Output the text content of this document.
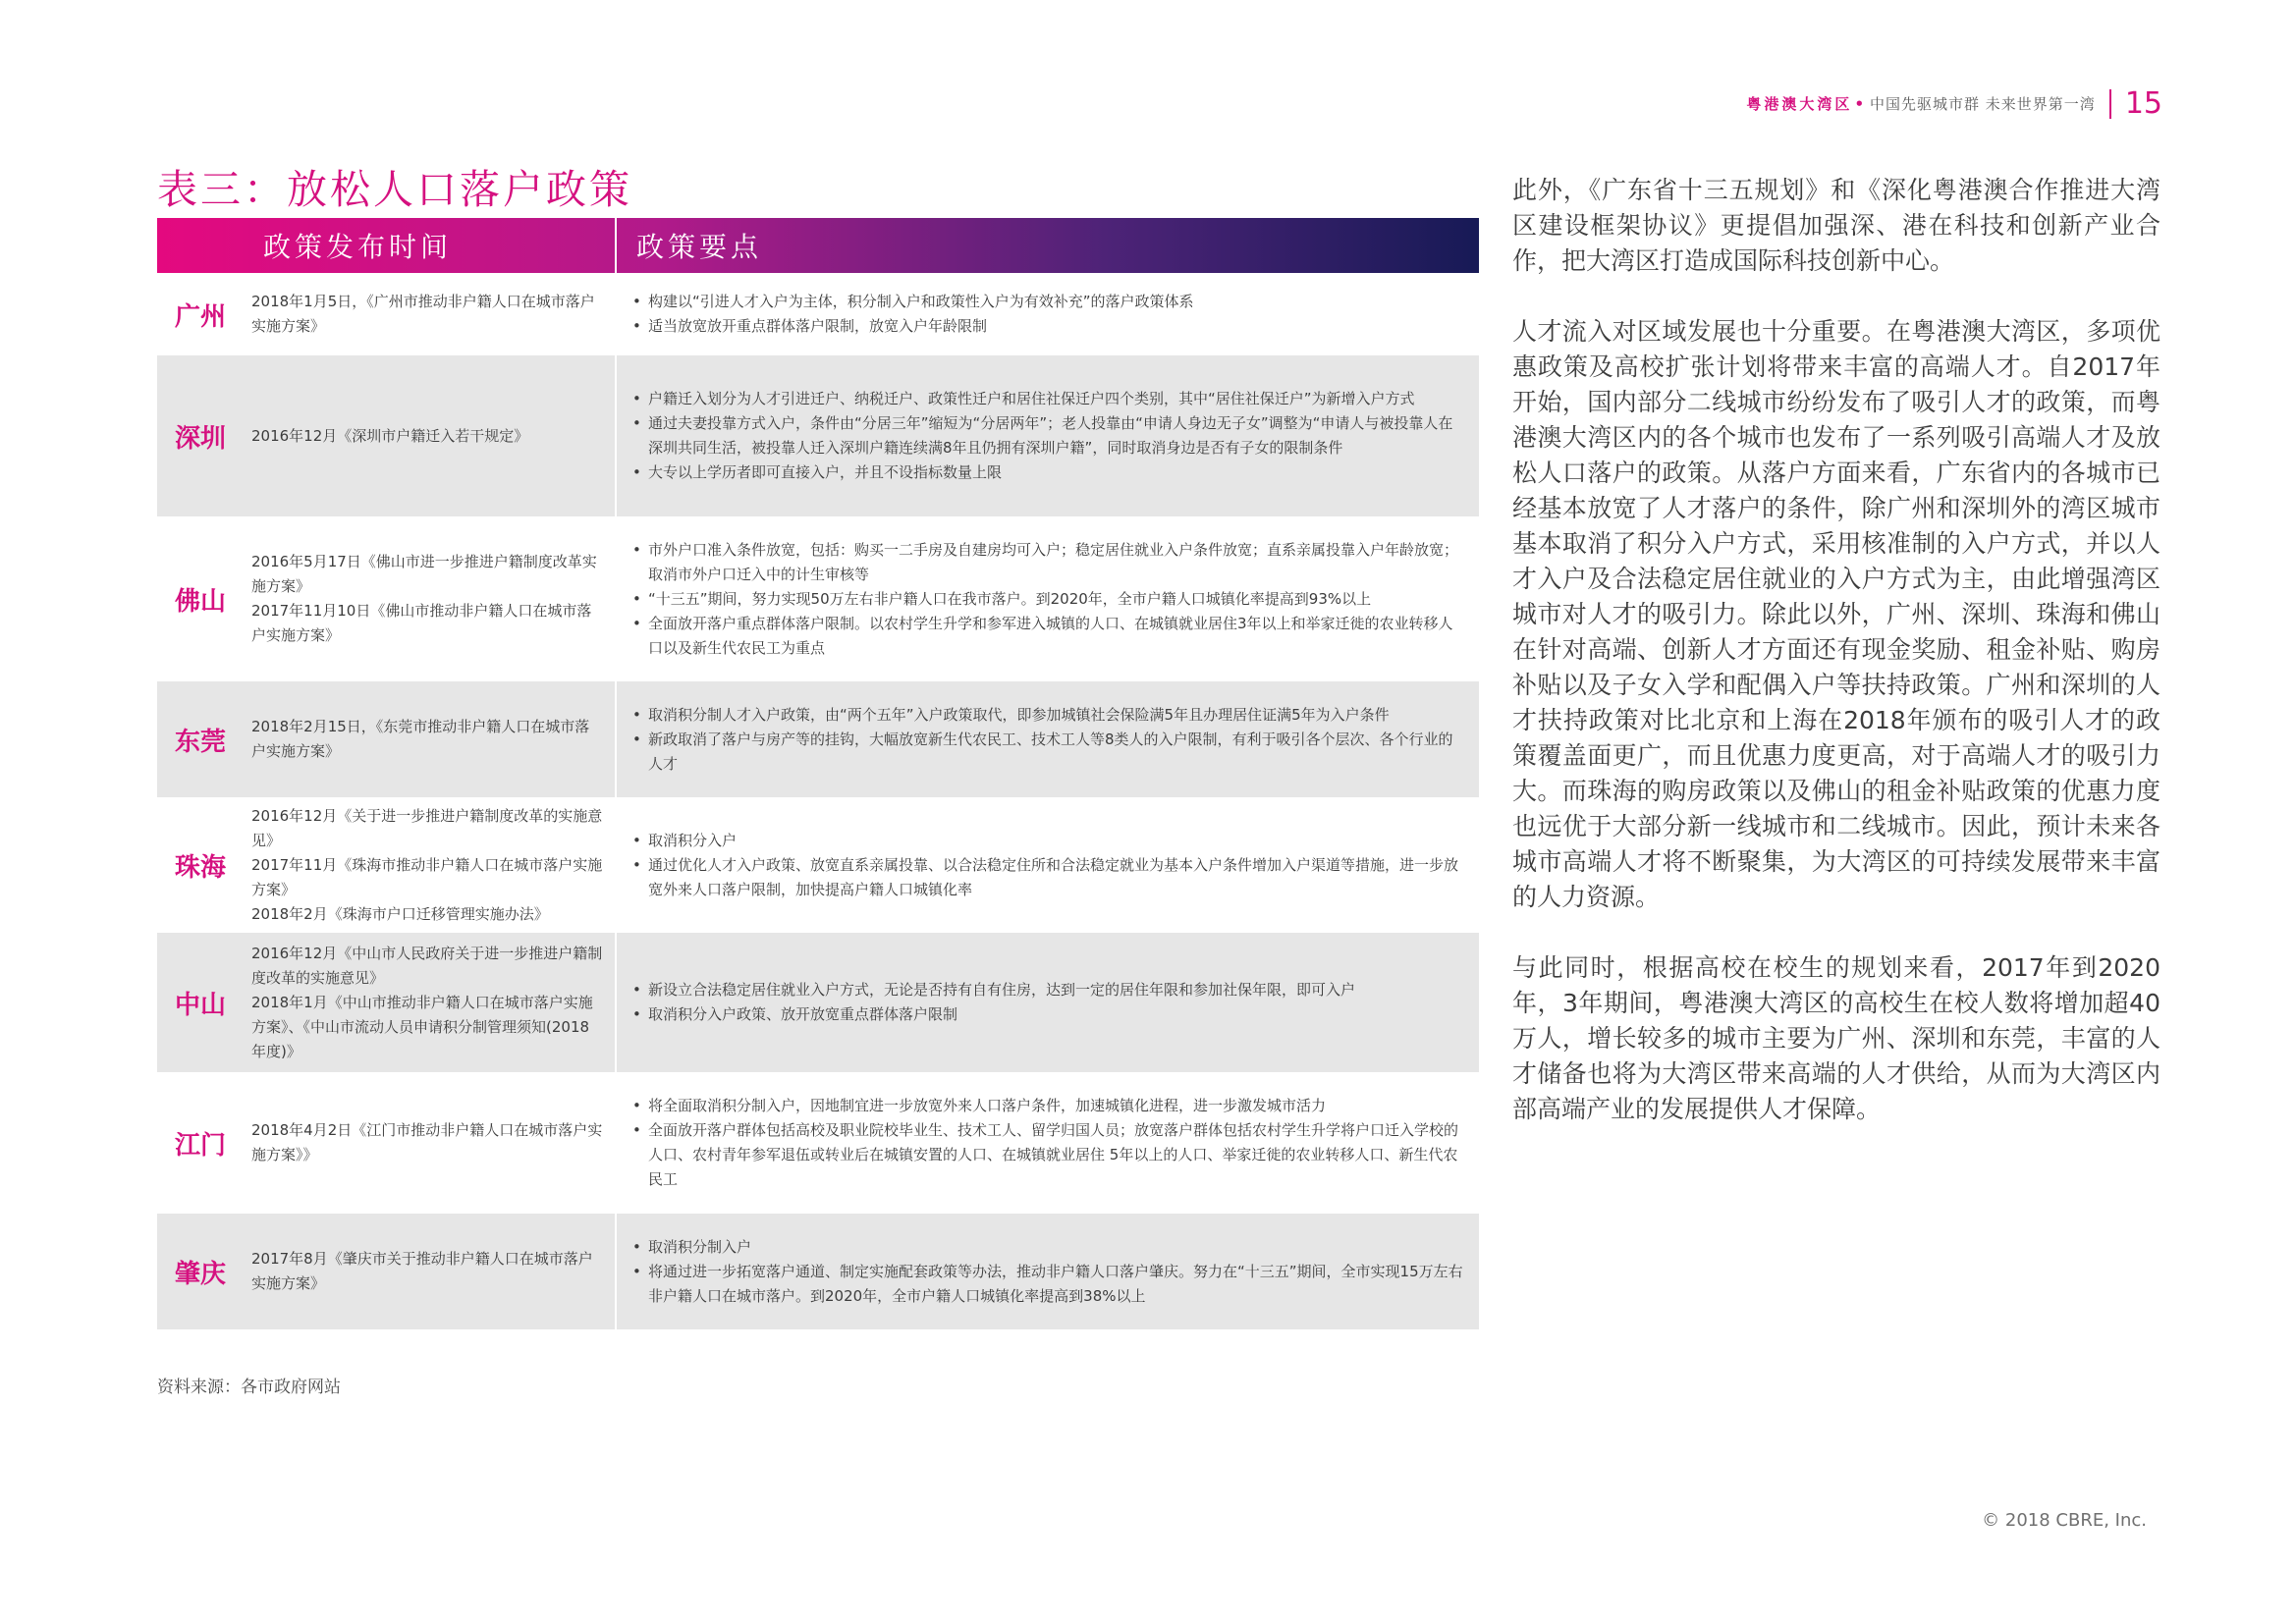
粤港澳大湾区 • 中国先驱城市群 未来世界第一湾 15
表三：放松人口落户政策
政策发布时间	政策要点
广州
2018年1月5日，《广州市推动非户籍人口在城市落户实施方案》
• 构建以“引进人才入户为主体，积分制入户和政策性入户为有效补充”的落户政策体系
• 适当放宽放开重点群体落户限制，放宽入户年龄限制
深圳	2016年12月《深圳市户籍迁入若干规定》
• 户籍迁入划分为人才引进迁户、纳税迁户、政策性迁户和居住社保迁户四个类别，其中“居住社保迁户”为新增入户方式
• 通过夫妻投靠方式入户，条件由“分居三年”缩短为“分居两年”；老人投靠由“申请人身边无子女”调整为“申请人与被投靠人在深圳共同生活，被投靠人迁入深圳户籍连续满8年且仍拥有深圳户籍”，同时取消身边是否有子女的限制条件
• 大专以上学历者即可直接入户，并且不设指标数量上限
佛山
2016年5月17日《佛山市进一步推进户籍制度改革实施方案》
2017年11月10日《佛山市推动非户籍人口在城市落户实施方案》
• 市外户口准入条件放宽，包括：购买一二手房及自建房均可入户；稳定居住就业入户条件放宽；直系亲属投靠入户年龄放宽；取消市外户口迁入中的计生审核等
• “十三五”期间，努力实现50万左右非户籍人口在我市落户。到2020年，全市户籍人口城镇化率提高到93%以上
• 全面放开落户重点群体落户限制。以农村学生升学和参军进入城镇的人口、在城镇就业居住3年以上和举家迁徙的农业转移人口以及新生代农民工为重点
东莞
2018年2月15日，《东莞市推动非户籍人口在城市落户实施方案》
• 取消积分制人才入户政策，由“两个五年”入户政策取代，即参加城镇社会保险满5年且办理居住证满5年为入户条件
• 新政取消了落户与房产等的挂钩，大幅放宽新生代农民工、技术工人等8类人的入户限制，有利于吸引各个层次、各个行业的人才
珠海
2016年12月《关于进一步推进户籍制度改革的实施意见》
2017年11月《珠海市推动非户籍人口在城市落户实施方案》
2018年2月《珠海市户口迁移管理实施办法》
• 取消积分入户
• 通过优化人才入户政策、放宽直系亲属投靠、以合法稳定住所和合法稳定就业为基本入户条件增加入户渠道等措施，进一步放宽外来人口落户限制，加快提高户籍人口城镇化率
中山
2016年12月《中山市人民政府关于进一步推进户籍制度改革的实施意见》
2018年1月《中山市推动非户籍人口在城市落户实施方案》、《中山市流动人员申请积分制管理须知(2018年度)》
• 新设立合法稳定居住就业入户方式，无论是否持有自有住房，达到一定的居住年限和参加社保年限，即可入户
• 取消积分入户政策、放开放宽重点群体落户限制
江门
2018年4月2日《江门市推动非户籍人口在城市落户实施方案》》
• 将全面取消积分制入户，因地制宜进一步放宽外来人口落户条件，加速城镇化进程，进一步激发城市活力
• 全面放开落户群体包括高校及职业院校毕业生、技术工人、留学归国人员；放宽落户群体包括农村学生升学将户口迁入学校的人口、农村青年参军退伍或转业后在城镇安置的人口、在城镇就业居住 5年以上的人口、举家迁徙的农业转移人口、新生代农民工
肇庆
2017年8月《肇庆市关于推动非户籍人口在城市落户实施方案》
• 取消积分制入户
• 将通过进一步拓宽落户通道、制定实施配套政策等办法，推动非户籍人口落户肇庆。努力在“十三五”期间，全市实现15万左右非户籍人口在城市落户。到2020年，全市户籍人口城镇化率提高到38%以上
资料来源：各市政府网站

此外，《广东省十三五规划》和《深化粤港澳合作推进大湾区建设框架协议》更提倡加强深、港在科技和创新产业合作，把大湾区打造成国际科技创新中心。

人才流入对区域发展也十分重要。在粤港澳大湾区，多项优惠政策及高校扩张计划将带来丰富的高端人才。自2017年开始，国内部分二线城市纷纷发布了吸引人才的政策，而粤港澳大湾区内的各个城市也发布了一系列吸引高端人才及放松人口落户的政策。从落户方面来看，广东省内的各城市已经基本放宽了人才落户的条件，除广州和深圳外的湾区城市基本取消了积分入户方式，采用核准制的入户方式，并以人才入户及合法稳定居住就业的入户方式为主，由此增强湾区城市对人才的吸引力。除此以外，广州、深圳、珠海和佛山在针对高端、创新人才方面还有现金奖励、租金补贴、购房补贴以及子女入学和配偶入户等扶持政策。广州和深圳的人才扶持政策对比北京和上海在2018年颁布的吸引人才的政策覆盖面更广，而且优惠力度更高，对于高端人才的吸引力大。而珠海的购房政策以及佛山的租金补贴政策的优惠力度也远优于大部分新一线城市和二线城市。因此，预计未来各城市高端人才将不断聚集，为大湾区的可持续发展带来丰富的人力资源。

与此同时，根据高校在校生的规划来看，2017年到2020年，3年期间，粤港澳大湾区的高校生在校人数将增加超40万人，增长较多的城市主要为广州、深圳和东莞，丰富的人才储备也将为大湾区带来高端的人才供给，从而为大湾区内部高端产业的发展提供人才保障。

© 2018 CBRE, Inc.
